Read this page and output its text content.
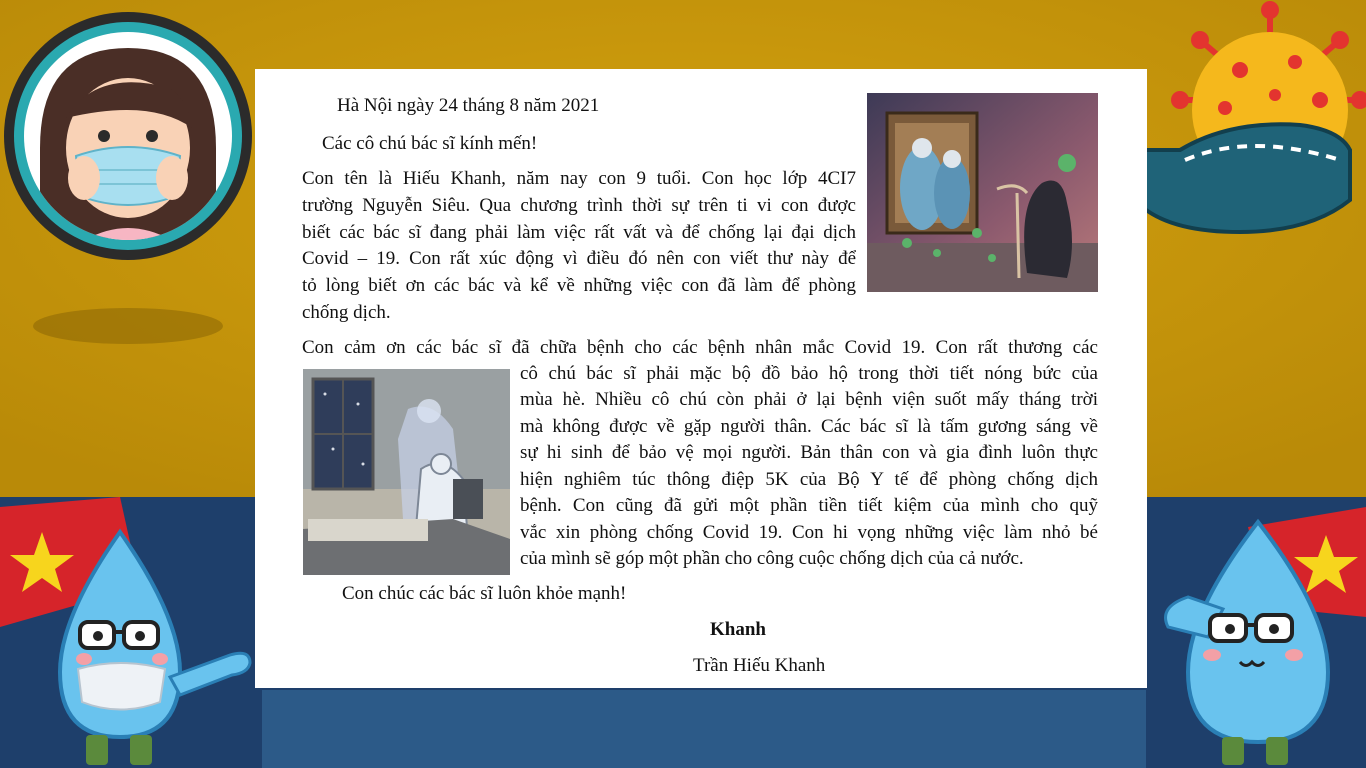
Hà Nội ngày 24 tháng 8 năm 2021
Các cô chú bác sĩ kính mến!
Con tên là Hiếu Khanh, năm nay con 9 tuổi. Con học lớp 4CI7
trường Nguyễn Siêu. Qua chương trình thời sự trên ti vi con được
biết các bác sĩ đang phải làm việc rất vất và để chống lại đại dịch
Covid – 19. Con rất xúc động vì điều đó nên con viết thư này để
tỏ lòng biết ơn các bác và kể về những việc con đã làm để phòng
chống dịch.
Con cảm ơn các bác sĩ đã chữa bệnh cho các bệnh nhân mắc Covid 19. Con rất thương các
cô chú bác sĩ phải mặc bộ đồ bảo hộ trong thời tiết nóng bức của
mùa hè. Nhiều cô chú còn phải ở lại bệnh viện suốt mấy tháng trời
mà không được về gặp người thân. Các bác sĩ là tấm gương sáng về
sự hi sinh để bảo vệ mọi người. Bản thân con và gia đình luôn thực
hiện nghiêm túc thông điệp 5K của Bộ Y tế để phòng chống dịch
bệnh. Con cũng đã gửi một phần tiền tiết kiệm của mình cho quỹ
vắc xin phòng chống Covid 19. Con hi vọng những việc làm nhỏ bé
của mình sẽ góp một phần cho công cuộc chống dịch của cả nước.
Con chúc các bác sĩ luôn khỏe mạnh!
Khanh
Trần Hiếu Khanh
